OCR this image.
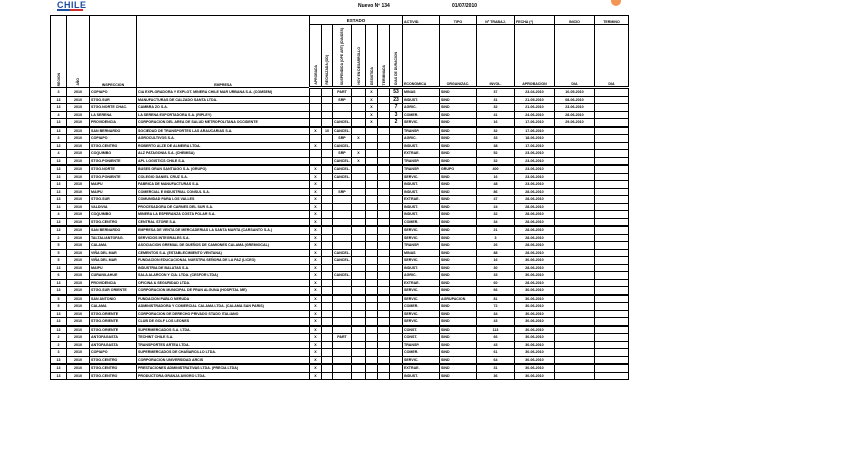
CHILE	Nuevo Nº 134	01/07/2010
REGION	AÑO	INSPECCION	EMPRESA	ESTADO							ACTIVID.	TIPO	Nº TRABAJ.	FECHA (*)	INICIO	TERMINO
				APROBADA	RECHAZADA (OD)	SUSPENDIDA (OPE ART) (DIA/DES)	HOY EN DESARROLLO	DESISTIDA	TERMINADA	DIAS DE DURACION	ECONOMICA	ORGANIZAC.	INVOL.	APROBACION	DIA	DIA
3	2010	COPIAPO	CIA EXPLORADORA Y EXPLOT. MINERA CHILE MAR URBANA S.A. (COMSEM)			PART		X		53	MINAS	SIND	37	23-04-2010	10-05-2010	
13	2010	STGO.SUR	MANUFACTURAS DE CALZADO SANTA LTDA.			SRP		X		23	INDUST.	SIND	31	21-05-2010	08-06-2010	
13	2010	STGO.NORTE CHAC.	CAMBRA ZO S.A.					X		7	AGRIC.	SIND	32	21-06-2010	23-06-2010	
4	2010	LA SERENA	LA SERENA EXPORTADORA S.A. (RIPLEY)					X		3	COMER.	SIND	41	24-06-2010	28-06-2010	
13	2010	PROVIDENCIA	CORPORACION DEL AREA DE SALUD METROPOLITANA OCCIDENTE			CANCEL.		X		2	SERVIC.	SIND	16	17-06-2010	29-06-2010	
13	2010	SAN BERNARDO	SOCIEDAD DE TRANSPORTES LAS ARAUCARIAS S.A.	X	10	CANCEL.					TRANSP.	SIND	32	17-06-2010		
3	2010	COPIAPO	AGROCULTIVOS S.A.			SRP	X				AGRIC.	SIND	33	18-06-2010		
13	2010	STGO.CENTRO	ROBERTO ALZE DE ALMEIRA LTDA.	X		CANCEL.					INDUST.	SIND	38	17-06-2010		
4	2010	COQUIMBO	ALZ PATAGONIA S.A. (CHEMISA)			SRP	X				EXTRAE.	SIND	52	23-06-2010		
13	2010	STGO.PONIENTE	APL LOGISTICS CHILE S.A.			CANCEL.	X				TRANSP.	SIND	32	23-06-2010		
13	2010	STGO.NORTE	BUSES GRAN SANTIAGO S.A. (GRUPO)	X		CANCEL.					TRANSP.	GRUPO	400	23-06-2010		
13	2010	STGO.PONIENTE	COLEGIO DANIEL CRUZ S.A.	X		CANCEL.					SERVIC.	SIND	16	23-06-2010		
13	2010	MAIPU	FABRICA DE MANUFACTURAS S.A.	X							INDUST.	SIND	48	23-06-2010		
13	2010	MAIPU	COMERCIAL E INDUSTRIAL CONSUL S.A.	X		SRP					INDUST.	SIND	86	28-06-2010		
13	2010	STGO.SUR	COMUNIDAD PARA LOS VALLES	X							EXTRAE.	SIND	47	28-06-2010		
14	2010	VALDIVIA	PROCESADORA DE CARNES DEL SUR S.A.	X							INDUST.	SIND	24	28-06-2010		
4	2010	COQUIMBO	MINERA LA ESPERANZA COSTA POLAR S.A.	X							INDUST.	SIND	32	28-06-2010		
13	2010	STGO.CENTRO	CENTRAL STORE S.A.	X							COMER.	SIND	34	28-06-2010		
13	2010	SAN BERNARDO	EMPRESA DE VENTA DE MERCADERIAS LA SANTA MARTA (CARSANTO S.A.)	X							SERVIC.	SIND	21	28-06-2010		
2	2010	TALTAL/ANTOFAG.	SERVICIOS INTEGRALES S.A.	X							SERVIC.	SIND	3	28-06-2010		
5	2010	CALAMA	ASOCIACION GREMIAL DE DUEÑOS DE CAMIONES CALAMA (GREMIOCAL)	X							TRANSP.	SIND	26	28-06-2010		
5	2010	VIÑA DEL MAR	CEMENTOS S.A. (ESTABLECIMIENTO VENTANA)	X		CANCEL.					MINAS	SIND	88	28-06-2010		
5	2010	VIÑA DEL MAR	FUNDACION EDUCACIONAL NUESTRA SEÑORA DE LA PAZ (LICEO)	X		CANCEL.					SERVIC.	SIND	16	30-06-2010		
13	2010	MAIPU	INDUSTRIA DE BALATAS S.A.	X							INDUST.	SIND	30	28-06-2010		
6	2010	CURANILAHUE	SALA ALARCON Y CIA. LTDA. (CESFOR LTDA)	X		CANCEL.					AGRIC.	SIND	33	30-06-2010		
13	2010	PROVIDENCIA	OFICINA & SEGURIDAD LTDA.	X							EXTRAE.	SIND	60	28-06-2010		
13	2010	STGO.SUR ORIENTE	CORPORACION MUNICIPAL DE FRAN ALGUNA (HOSPITAL ME)	X							SERVIC.	SIND	66	30-06-2010		
5	2010	SAN ANTONIO	FUNDACION PABLO NERUDA	X							SERVIC.	AGRUPACION	81	30-06-2010		
5	2010	CALAMA	ADMINISTRADORA Y COMERCIAL CALAMA LTDA. (CALAMA SAN PARIS)	X							COMER.	SIND	72	30-06-2010		
13	2010	STGO.ORIENTE	CORPORACION DE DERECHO PRIVADO STADO ITALIANO	X							SERVIC.	SIND	34	30-06-2010		
13	2010	STGO.ORIENTE	CLUB DE GOLF LOS LEONES	X							SERVIC.	SIND	43	30-06-2010		
13	2010	STGO.ORIENTE	SUPERMERCADOS S.A. LTDA.	X							CONST.	SIND	113	30-06-2010		
2	2010	ANTOFAGASTA	TECHINT CHILE S.A.	X		PART					CONST.	SIND	66	30-06-2010		
2	2010	ANTOFAGASTA	TRANSPORTES ARTEA LTDA.	X							TRANSP.	SIND	43	30-06-2010		
3	2010	COPIAPO	SUPERMERCADOS DE CHAÑARCILLO LTDA.	X							COMER.	SIND	61	30-06-2010		
13	2010	STGO.CENTRO	CORPORACION UNIVERSIDAD ARCIS	X							SERVIC.	SIND	64	30-06-2010		
13	2010	STGO.CENTRO	PRESTACIONES ADMINISTRATIVAS LTDA. (PRECIA LTDA)	X							EXTRAE.	SIND	31	30-06-2010		
13	2010	STGO.CENTRO	PRODUCTORA GRANJA AVIGRO LTDA.	X							INDUST.	SIND	36	30-06-2010		
